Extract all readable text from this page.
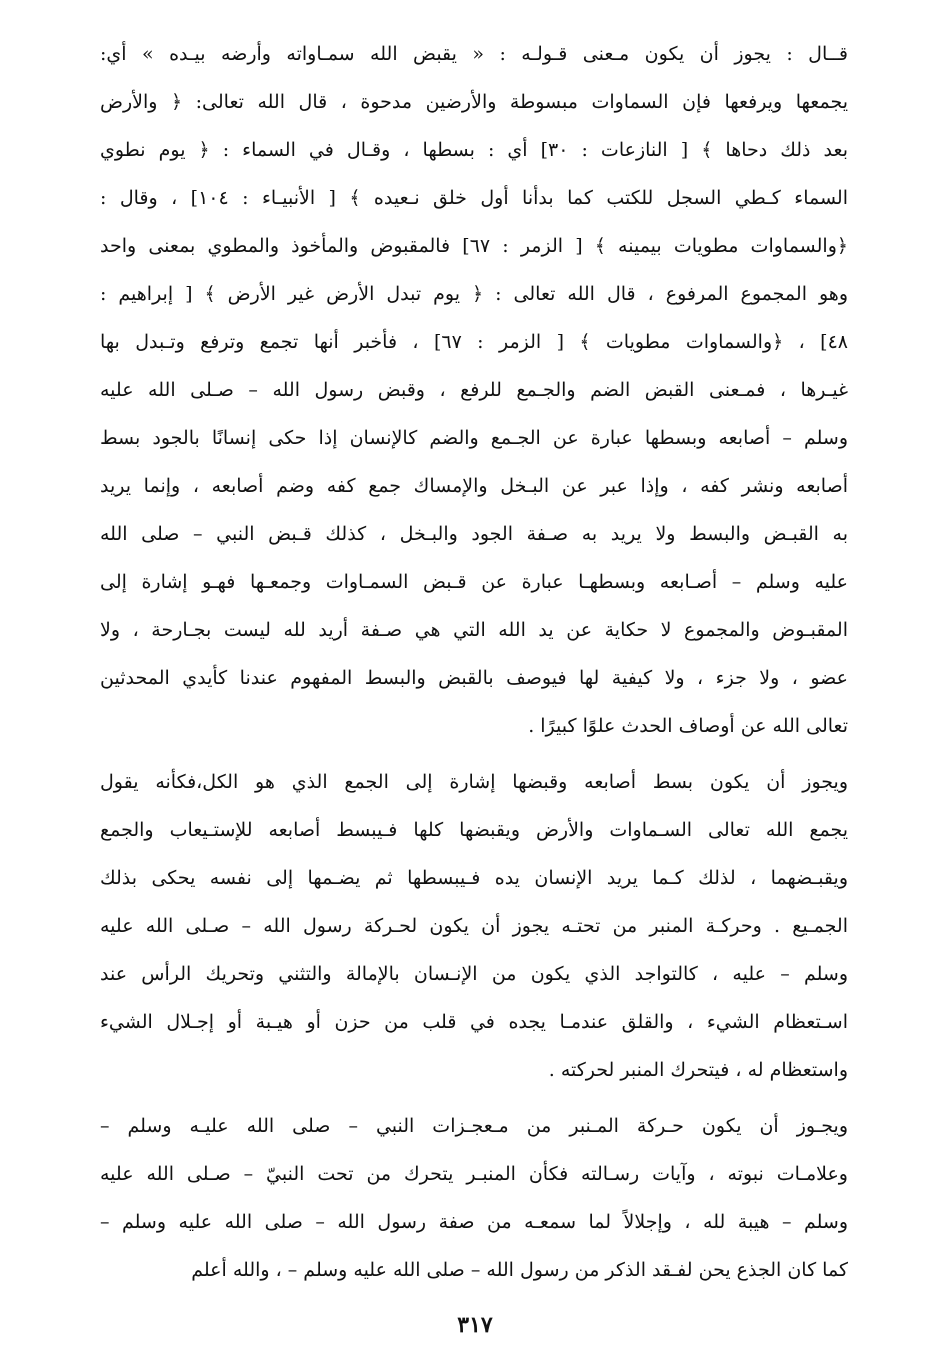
قــال : يجوز أن يكون مـعنى قـولـه : « يقبض الله سمـاواته وأرضه بيـده » أي:
يجمعها ويرفعها فإن السماوات مبسوطة والأرضين مدحوة ، قال الله تعالى: ﴿ والأرض
بعد ذلك دحاها ﴾ [ النازعات : ٣٠] أي : بسطها ، وقـال في السماء : ﴿ يوم نطوي
السماء كـطي السجل للكتب كما بدأنا أول خلق نـعيده ﴾ [ الأنبيـاء : ١٠٤] ، وقال :
﴿والسماوات مطويات بيمينه ﴾ [ الزمر : ٦٧] فالمقبوض والمأخوذ والمطوي بمعنى واحد
وهو المجموع المرفوع ، قال الله تعالى : ﴿ يوم تبدل الأرض غير الأرض ﴾ [ إبراهيم :
٤٨] ، ﴿والسماوات مطويات ﴾ [ الزمر : ٦٧] ، فأخبر أنها تجمع وترفع وتـبدل بها
غيـرها ، فمـعنى القبض الضم والجـمع للرفع ، وقبض رسول الله – صـلى الله عليه
وسلم – أصابعه وبسطها عبارة عن الجـمع والضم كالإنسان إذا حكى إنسانًا بالجود بسط
أصابعه ونشر كفه ، وإذا عبر عن البـخل والإمساك جمع كفه وضم أصابعه ، وإنما يريد
به القبـض والبسط ولا يريد به صـفة الجود والبـخل ، كذلك قـبض النبي – صلى الله
عليه وسلم – أصـابعه وبسطهـا عبارة عن قـبض السمـاوات وجمعـها فهـو إشارة إلى
المقبـوض والمجموع لا حكاية عن يد الله التي هي صـفة أريد لله ليست بجـارحة ، ولا
عضو ، ولا جزء ، ولا كيفية لها فيوصف بالقبض والبسط المفهوم عندنا كأيدي المحدثين
تعالى الله عن أوصاف الحدث علوًا كبيرًا .
ويجوز أن يكون بسط أصابعه وقبضها إشارة إلى الجمع الذي هو الكل،فكأنه يقول
يجمع الله تعالى السـماوات والأرض ويقبضها كلها فـيبسط أصابعه للإستـيعاب والجمع
ويقبـضهما ، لذلك كـما يريد الإنسان يده فـيبسطها ثم يضـمها إلى نفسه يحكى بذلك
الجمـيع . وحركـة المنبر من تحتـه يجوز أن يكون لحـركة رسول الله – صـلى الله عليه
وسلم – عليه ، كالتواجد الذي يكون من الإنـسان بالإمالة والتثني وتحريك الرأس عند
اسـتعظام الشيء ، والقلق عندمـا يجده في قلب من حزن أو هيـبة أو إجـلال الشيء
واستعظام له ، فيتحرك المنبر لحركته .
ويجـوز أن يكون حـركة المـنبر من مـعجـزات النبي – صلى الله عليـه وسلم –
وعلامـات نبوته ، وآيات رسـالته فكأن المنبـر يتحرك من تحت النبيّ – صـلى الله عليه
وسلم – هيبة لله ، وإجلالاً لما سمعـه من صفة رسول الله – صلى الله عليه وسلم –
كما كان الجذع يحن لفـقد الذكر من رسول الله – صلى الله عليه وسلم – ، والله أعلم
٣١٧
